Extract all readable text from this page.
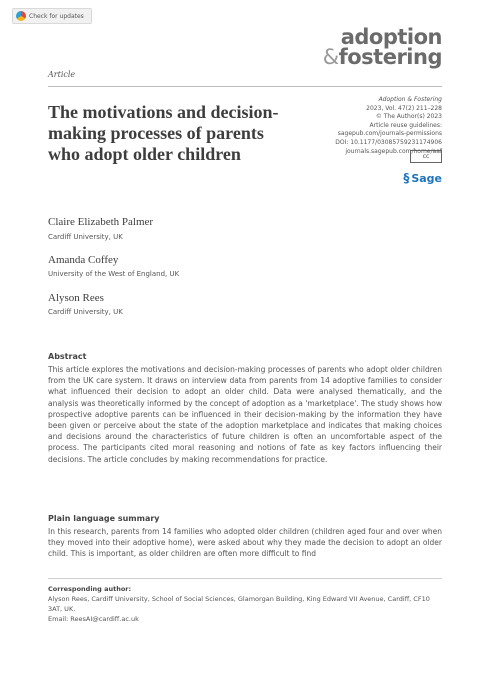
Check for updates
adoption
&fostering
Article
The motivations and decision-making processes of parents who adopt older children
Adoption & Fostering
2023, Vol. 47(2) 211–228
© The Author(s) 2023
Article reuse guidelines:
sagepub.com/journals-permissions
DOI: 10.1177/03085759231174906
journals.sagepub.com/home/aaf
cc
§ Sage
Claire Elizabeth Palmer
Cardiff University, UK
Amanda Coffey
University of the West of England, UK
Alyson Rees
Cardiff University, UK
Abstract
This article explores the motivations and decision-making processes of parents who adopt older children from the UK care system. It draws on interview data from parents from 14 adoptive families to consider what influenced their decision to adopt an older child. Data were analysed thematically, and the analysis was theoretically informed by the concept of adoption as a 'marketplace'. The study shows how prospective adoptive parents can be influenced in their decision-making by the information they have been given or perceive about the state of the adoption marketplace and indicates that making choices and decisions around the characteristics of future children is often an uncomfortable aspect of the process. The participants cited moral reasoning and notions of fate as key factors influencing their decisions. The article concludes by making recommendations for practice.
Plain language summary
In this research, parents from 14 families who adopted older children (children aged four and over when they moved into their adoptive home), were asked about why they made the decision to adopt an older child. This is important, as older children are often more difficult to find
Corresponding author:
Alyson Rees, Cardiff University, School of Social Sciences, Glamorgan Building, King Edward VII Avenue, Cardiff, CF10 3AT, UK.
Email: ReesAI@cardiff.ac.uk
